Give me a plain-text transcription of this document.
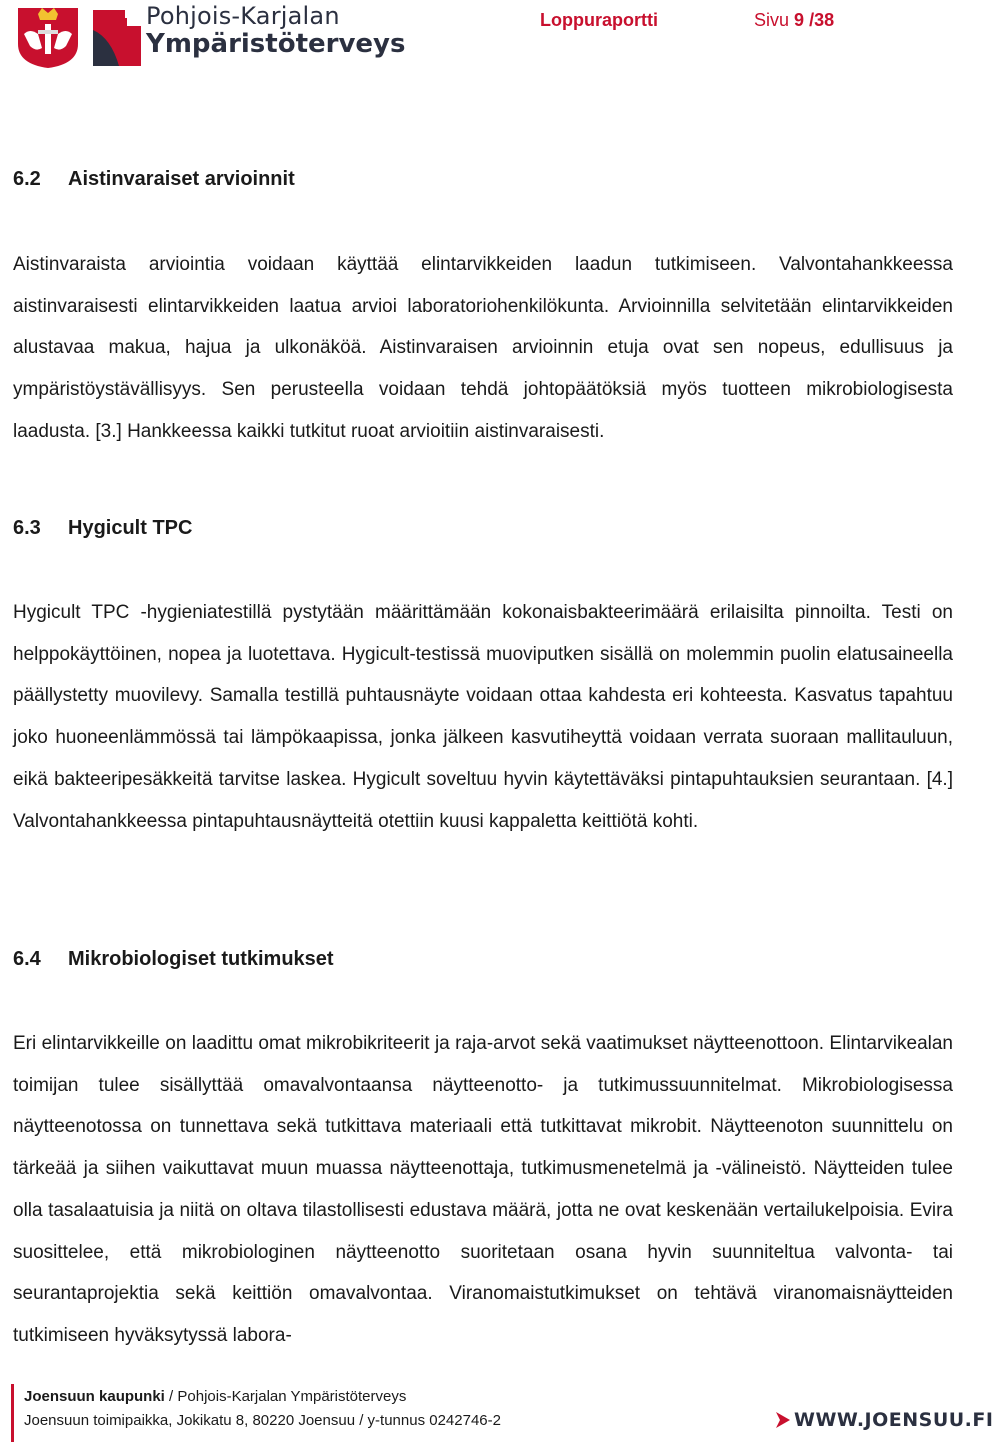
Pohjois-Karjalan
Ympäristöterveys
Loppuraportti	Sivu 9 /38
6.2 Aistinvaraiset arvioinnit

Aistinvaraista arviointia voidaan käyttää elintarvikkeiden laadun tutkimiseen. Valvontahankkeessa aistinvaraisesti elintarvikkeiden laatua arvioi laboratoriohenkilökunta. Arvioinnilla selvitetään elintarvikkeiden alustavaa makua, hajua ja ulkonäköä. Aistinvaraisen arvioinnin etuja ovat sen nopeus, edullisuus ja ympäristöystävällisyys. Sen perusteella voidaan tehdä johtopäätöksiä myös tuotteen mikrobiologisesta laadusta. [3.] Hankkeessa kaikki tutkitut ruoat arvioitiin aistinvaraisesti.

6.3 Hygicult TPC

Hygicult TPC -hygieniatestillä pystytään määrittämään kokonaisbakteerimäärä erilaisilta pinnoilta. Testi on helppokäyttöinen, nopea ja luotettava. Hygicult-testissä muoviputken sisällä on molemmin puolin elatusaineella päällystetty muovilevy. Samalla testillä puhtausnäyte voidaan ottaa kahdesta eri kohteesta. Kasvatus tapahtuu joko huoneenlämmössä tai lämpökaapissa, jonka jälkeen kasvutiheyttä voidaan verrata suoraan mallitauluun, eikä bakteeripesäkkeitä tarvitse laskea. Hygicult soveltuu hyvin käytettäväksi pintapuhtauksien seurantaan. [4.] Valvontahankkeessa pintapuhtausnäytteitä otettiin kuusi kappaletta keittiötä kohti.

6.4 Mikrobiologiset tutkimukset

Eri elintarvikkeille on laadittu omat mikrobikriteerit ja raja-arvot sekä vaatimukset näytteenottoon. Elintarvikealan toimijan tulee sisällyttää omavalvontaansa näytteenotto- ja tutkimussuunnitelmat. Mikrobiologisessa näytteenotossa on tunnettava sekä tutkittava materiaali että tutkittavat mikrobit. Näytteenoton suunnittelu on tärkeää ja siihen vaikuttavat muun muassa näytteenottaja, tutkimusmenetelmä ja -välineistö. Näytteiden tulee olla tasalaatuisia ja niitä on oltava tilastollisesti edustava määrä, jotta ne ovat keskenään vertailukelpoisia. Evira suosittelee, että mikrobiologinen näytteenotto suoritetaan osana hyvin suunniteltua valvonta- tai seurantaprojektia sekä keittiön omavalvontaa. Viranomaistutkimukset on tehtävä viranomaisnäytteiden tutkimiseen hyväksytyssä labora-

Joensuun kaupunki / Pohjois-Karjalan Ympäristöterveys
Joensuun toimipaikka, Jokikatu 8, 80220 Joensuu / y-tunnus 0242746-2	WWW.JOENSUU.FI
